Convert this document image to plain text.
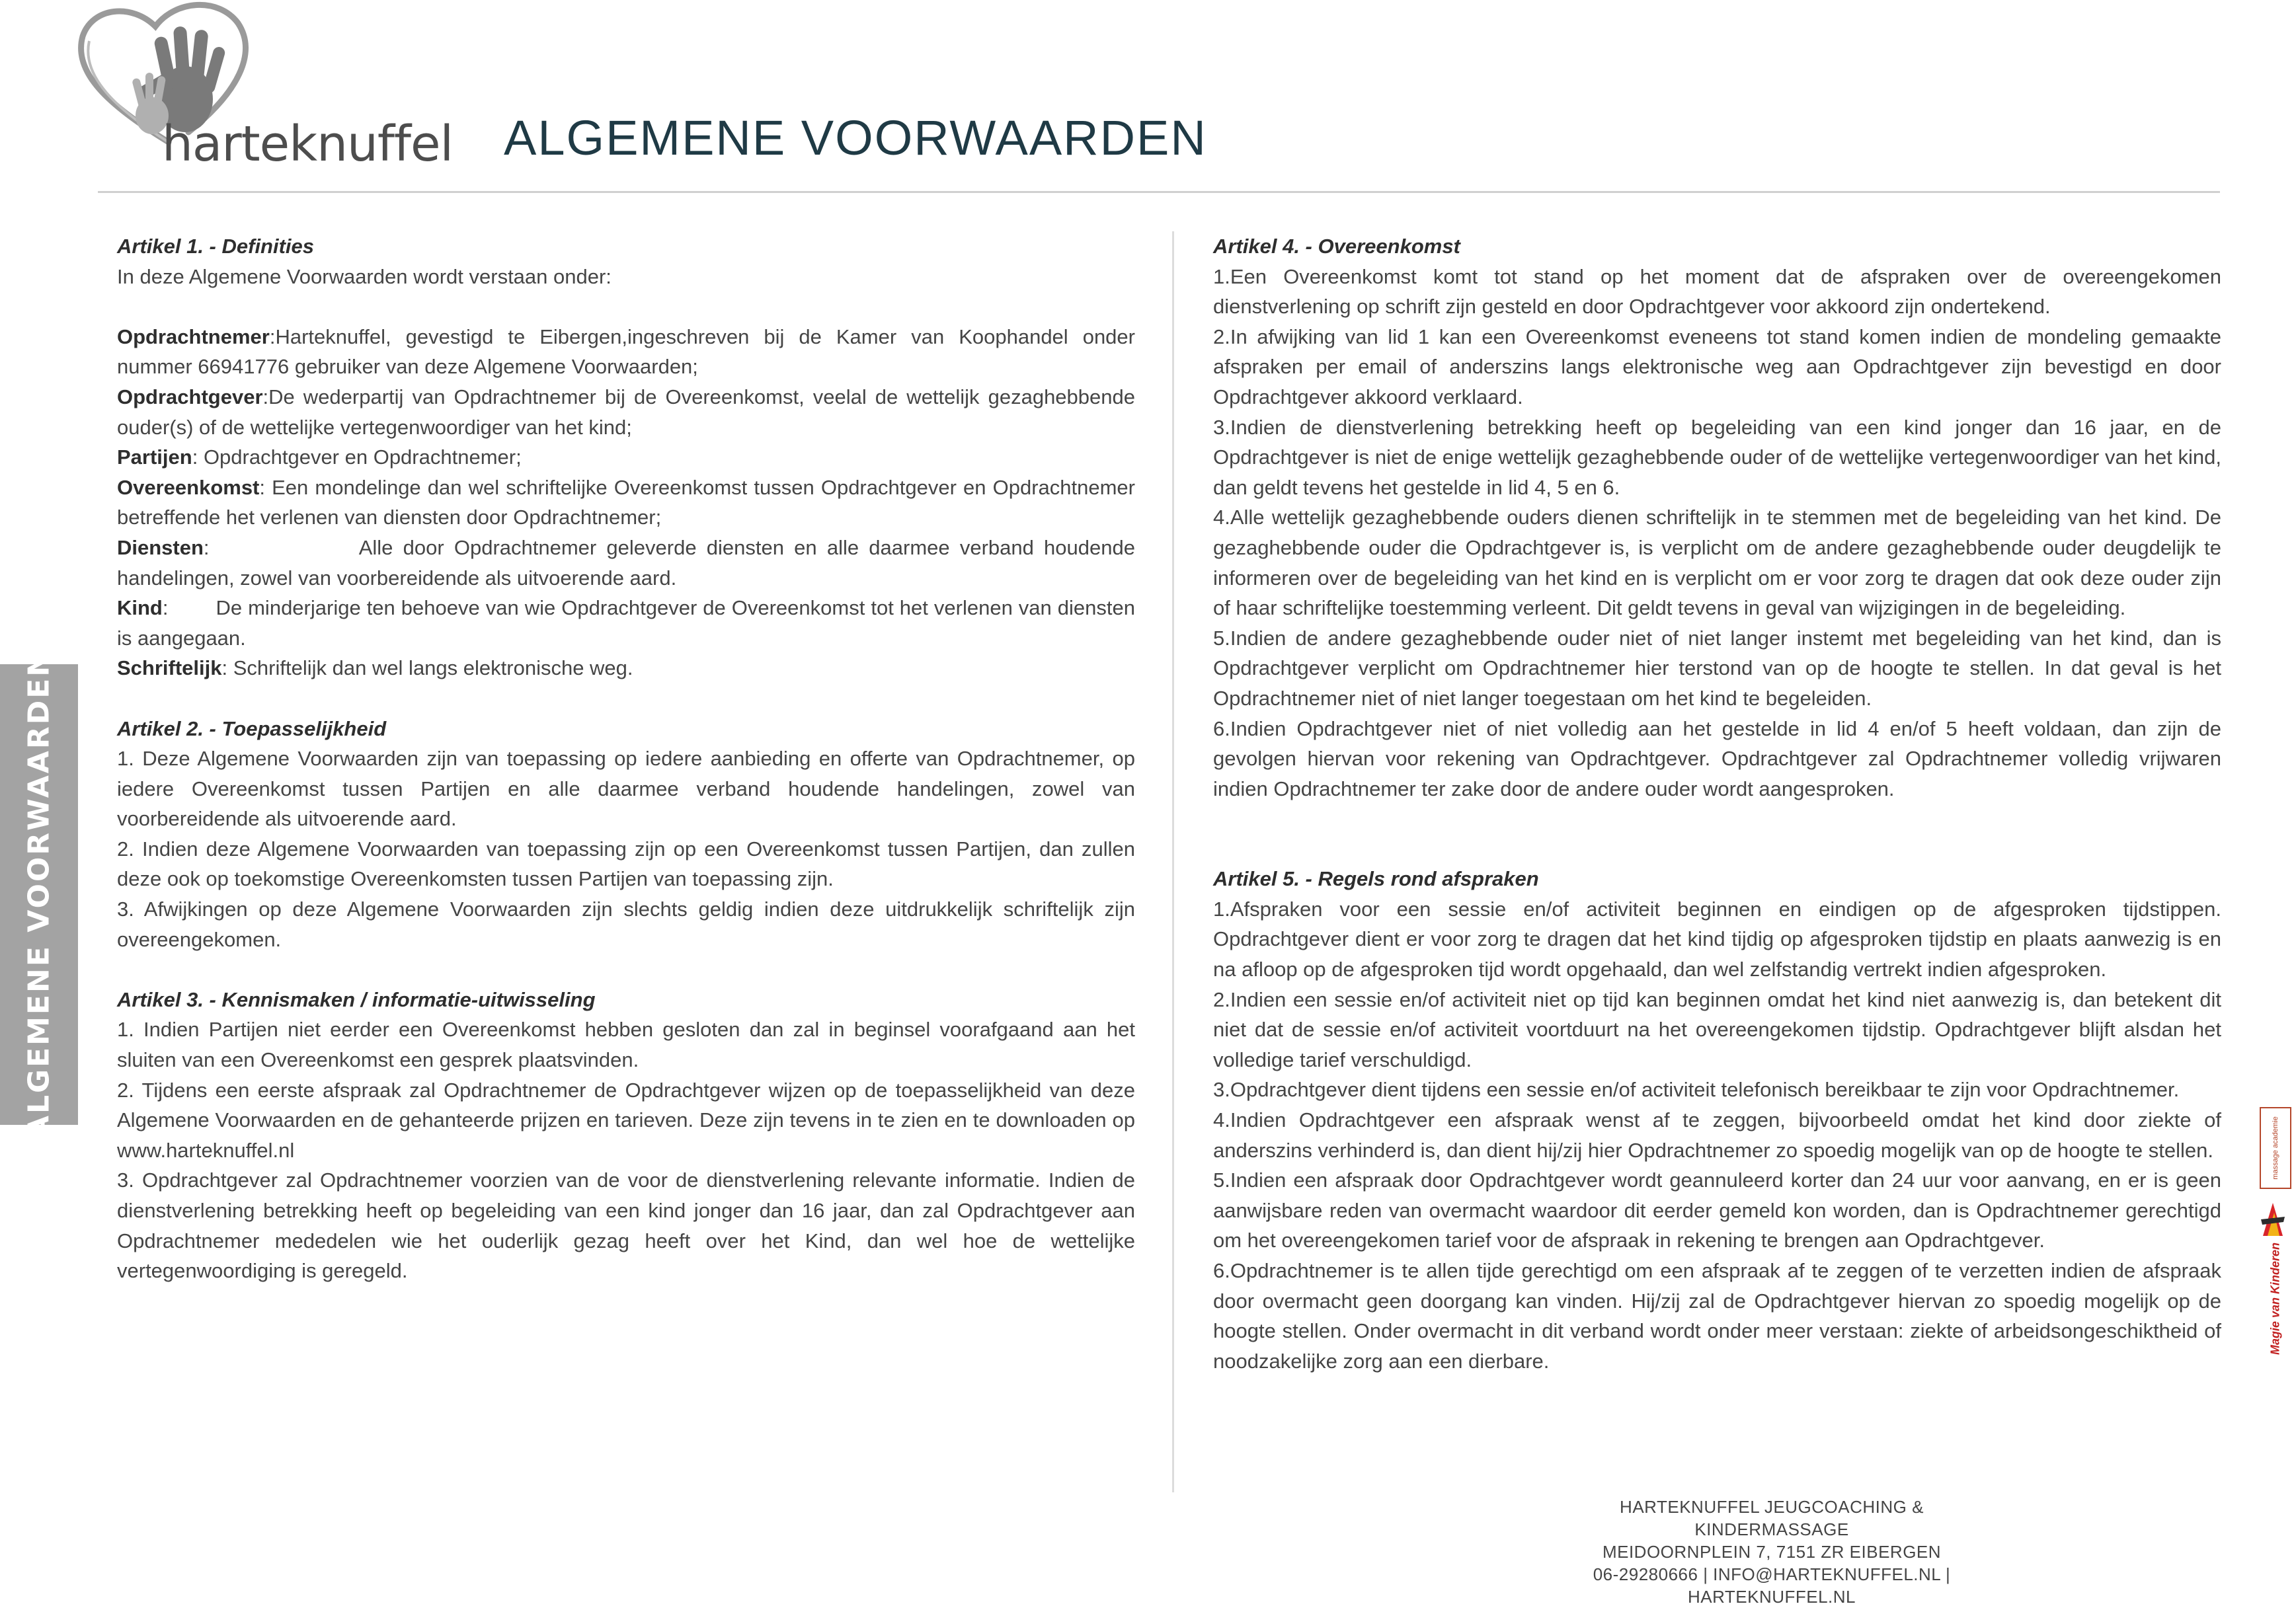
harteknuffel ALGEMENE VOORWAARDEN
ALGEMENE VOORWAARDEN

Artikel 1. - Definities

In deze Algemene Voorwaarden wordt verstaan onder:

Opdrachtnemer:Harteknuffel, gevestigd te Eibergen,ingeschreven bij de Kamer van Koophandel onder nummer 66941776 gebruiker van deze Algemene Voorwaarden;

Opdrachtgever:De wederpartij van Opdrachtnemer bij de Overeenkomst, veelal de wettelijk gezaghebbende ouder(s) of de wettelijke vertegenwoordiger van het kind;

Partijen: Opdrachtgever en Opdrachtnemer;

Overeenkomst: Een mondelinge dan wel schriftelijke Overeenkomst tussen Opdrachtgever en Opdrachtnemer betreffende het verlenen van diensten door Opdrachtnemer;

Diensten:               Alle door Opdrachtnemer geleverde diensten en alle daarmee verband houdende handelingen, zowel van voorbereidende als uitvoerende aard.

Kind:        De minderjarige ten behoeve van wie Opdrachtgever de Overeenkomst tot het verlenen van diensten is aangegaan.

Schriftelijk: Schriftelijk dan wel langs elektronische weg.

Artikel 2. - Toepasselijkheid

1. Deze Algemene Voorwaarden zijn van toepassing op iedere aanbieding en offerte van Opdrachtnemer, op iedere Overeenkomst tussen Partijen en alle daarmee verband houdende handelingen, zowel van voorbereidende als uitvoerende aard.

2. Indien deze Algemene Voorwaarden van toepassing zijn op een Overeenkomst tussen Partijen, dan zullen deze ook op toekomstige Overeenkomsten tussen Partijen van toepassing zijn.

3. Afwijkingen op deze Algemene Voorwaarden zijn slechts geldig indien deze uitdrukkelijk schriftelijk zijn overeengekomen.

Artikel 3. - Kennismaken / informatie-uitwisseling

1. Indien Partijen niet eerder een Overeenkomst hebben gesloten dan zal in beginsel voorafgaand aan het sluiten van een Overeenkomst een gesprek plaatsvinden.

2. Tijdens een eerste afspraak zal Opdrachtnemer de Opdrachtgever wijzen op de toepasselijkheid van deze Algemene Voorwaarden en de gehanteerde prijzen en tarieven. Deze zijn tevens in te zien en te downloaden op www.harteknuffel.nl

3. Opdrachtgever zal Opdrachtnemer voorzien van de voor de dienstverlening relevante informatie. Indien de dienstverlening betrekking heeft op begeleiding van een kind jonger dan 16 jaar, dan zal Opdrachtgever aan Opdrachtnemer mededelen wie het ouderlijk gezag heeft over het Kind, dan wel hoe de wettelijke vertegenwoordiging is geregeld.

Artikel 4. - Overeenkomst

1.Een Overeenkomst komt tot stand op het moment dat de afspraken over de overeengekomen dienstverlening op schrift zijn gesteld en door Opdrachtgever voor akkoord zijn ondertekend.

2.In afwijking van lid 1 kan een Overeenkomst eveneens tot stand komen indien de mondeling gemaakte afspraken per email of anderszins langs elektronische weg aan Opdrachtgever zijn bevestigd en door Opdrachtgever akkoord verklaard.

3.Indien de dienstverlening betrekking heeft op begeleiding van een kind jonger dan 16 jaar, en de Opdrachtgever is niet de enige wettelijk gezaghebbende ouder of de wettelijke vertegenwoordiger van het kind, dan geldt tevens het gestelde in lid 4, 5 en 6.

4.Alle wettelijk gezaghebbende ouders dienen schriftelijk in te stemmen met de begeleiding van het kind. De gezaghebbende ouder die Opdrachtgever is, is verplicht om de andere gezaghebbende ouder deugdelijk te informeren over de begeleiding van het kind en is verplicht om er voor zorg te dragen dat ook deze ouder zijn of haar schriftelijke toestemming verleent. Dit geldt tevens in geval van wijzigingen in de begeleiding.

5.Indien de andere gezaghebbende ouder niet of niet langer instemt met begeleiding van het kind, dan is Opdrachtgever verplicht om Opdrachtnemer hier terstond van op de hoogte te stellen. In dat geval is het Opdrachtnemer niet of niet langer toegestaan om het kind te begeleiden.

6.Indien Opdrachtgever niet of niet volledig aan het gestelde in lid 4 en/of 5 heeft voldaan, dan zijn de gevolgen hiervan voor rekening van Opdrachtgever. Opdrachtgever zal Opdrachtnemer volledig vrijwaren indien Opdrachtnemer ter zake door de andere ouder wordt aangesproken.

Artikel 5. - Regels rond afspraken

1.Afspraken voor een sessie en/of activiteit beginnen en eindigen op de afgesproken tijdstippen. Opdrachtgever dient er voor zorg te dragen dat het kind tijdig op afgesproken tijdstip en plaats aanwezig is en na afloop op de afgesproken tijd wordt opgehaald, dan wel zelfstandig vertrekt indien afgesproken.

2.Indien een sessie en/of activiteit niet op tijd kan beginnen omdat het kind niet aanwezig is, dan betekent dit niet dat de sessie en/of activiteit voortduurt na het overeengekomen tijdstip. Opdrachtgever blijft alsdan het volledige tarief verschuldigd.

3.Opdrachtgever dient tijdens een sessie en/of activiteit telefonisch bereikbaar te zijn voor Opdrachtnemer.

4.Indien Opdrachtgever een afspraak wenst af te zeggen, bijvoorbeeld omdat het kind door ziekte of anderszins verhinderd is, dan dient hij/zij hier Opdrachtnemer zo spoedig mogelijk van op de hoogte te stellen.

5.Indien een afspraak door Opdrachtgever wordt geannuleerd korter dan 24 uur voor aanvang, en er is geen aanwijsbare reden van overmacht waardoor dit eerder gemeld kon worden, dan is Opdrachtnemer gerechtigd om het overeengekomen tarief voor de afspraak in rekening te brengen aan Opdrachtgever.

6.Opdrachtnemer is te allen tijde gerechtigd om een afspraak af te zeggen of te verzetten indien de afspraak door overmacht geen doorgang kan vinden. Hij/zij zal de Opdrachtgever hiervan zo spoedig mogelijk op de hoogte stellen. Onder overmacht in dit verband wordt onder meer verstaan: ziekte of arbeidsongeschiktheid of noodzakelijke zorg aan een dierbare.

massage academie
Magie van Kinderen
HARTEKNUFFEL JEUGCOACHING & KINDERMASSAGE
MEIDOORNPLEIN 7, 7151 ZR EIBERGEN
06-29280666 | INFO@HARTEKNUFFEL.NL | HARTEKNUFFEL.NL
